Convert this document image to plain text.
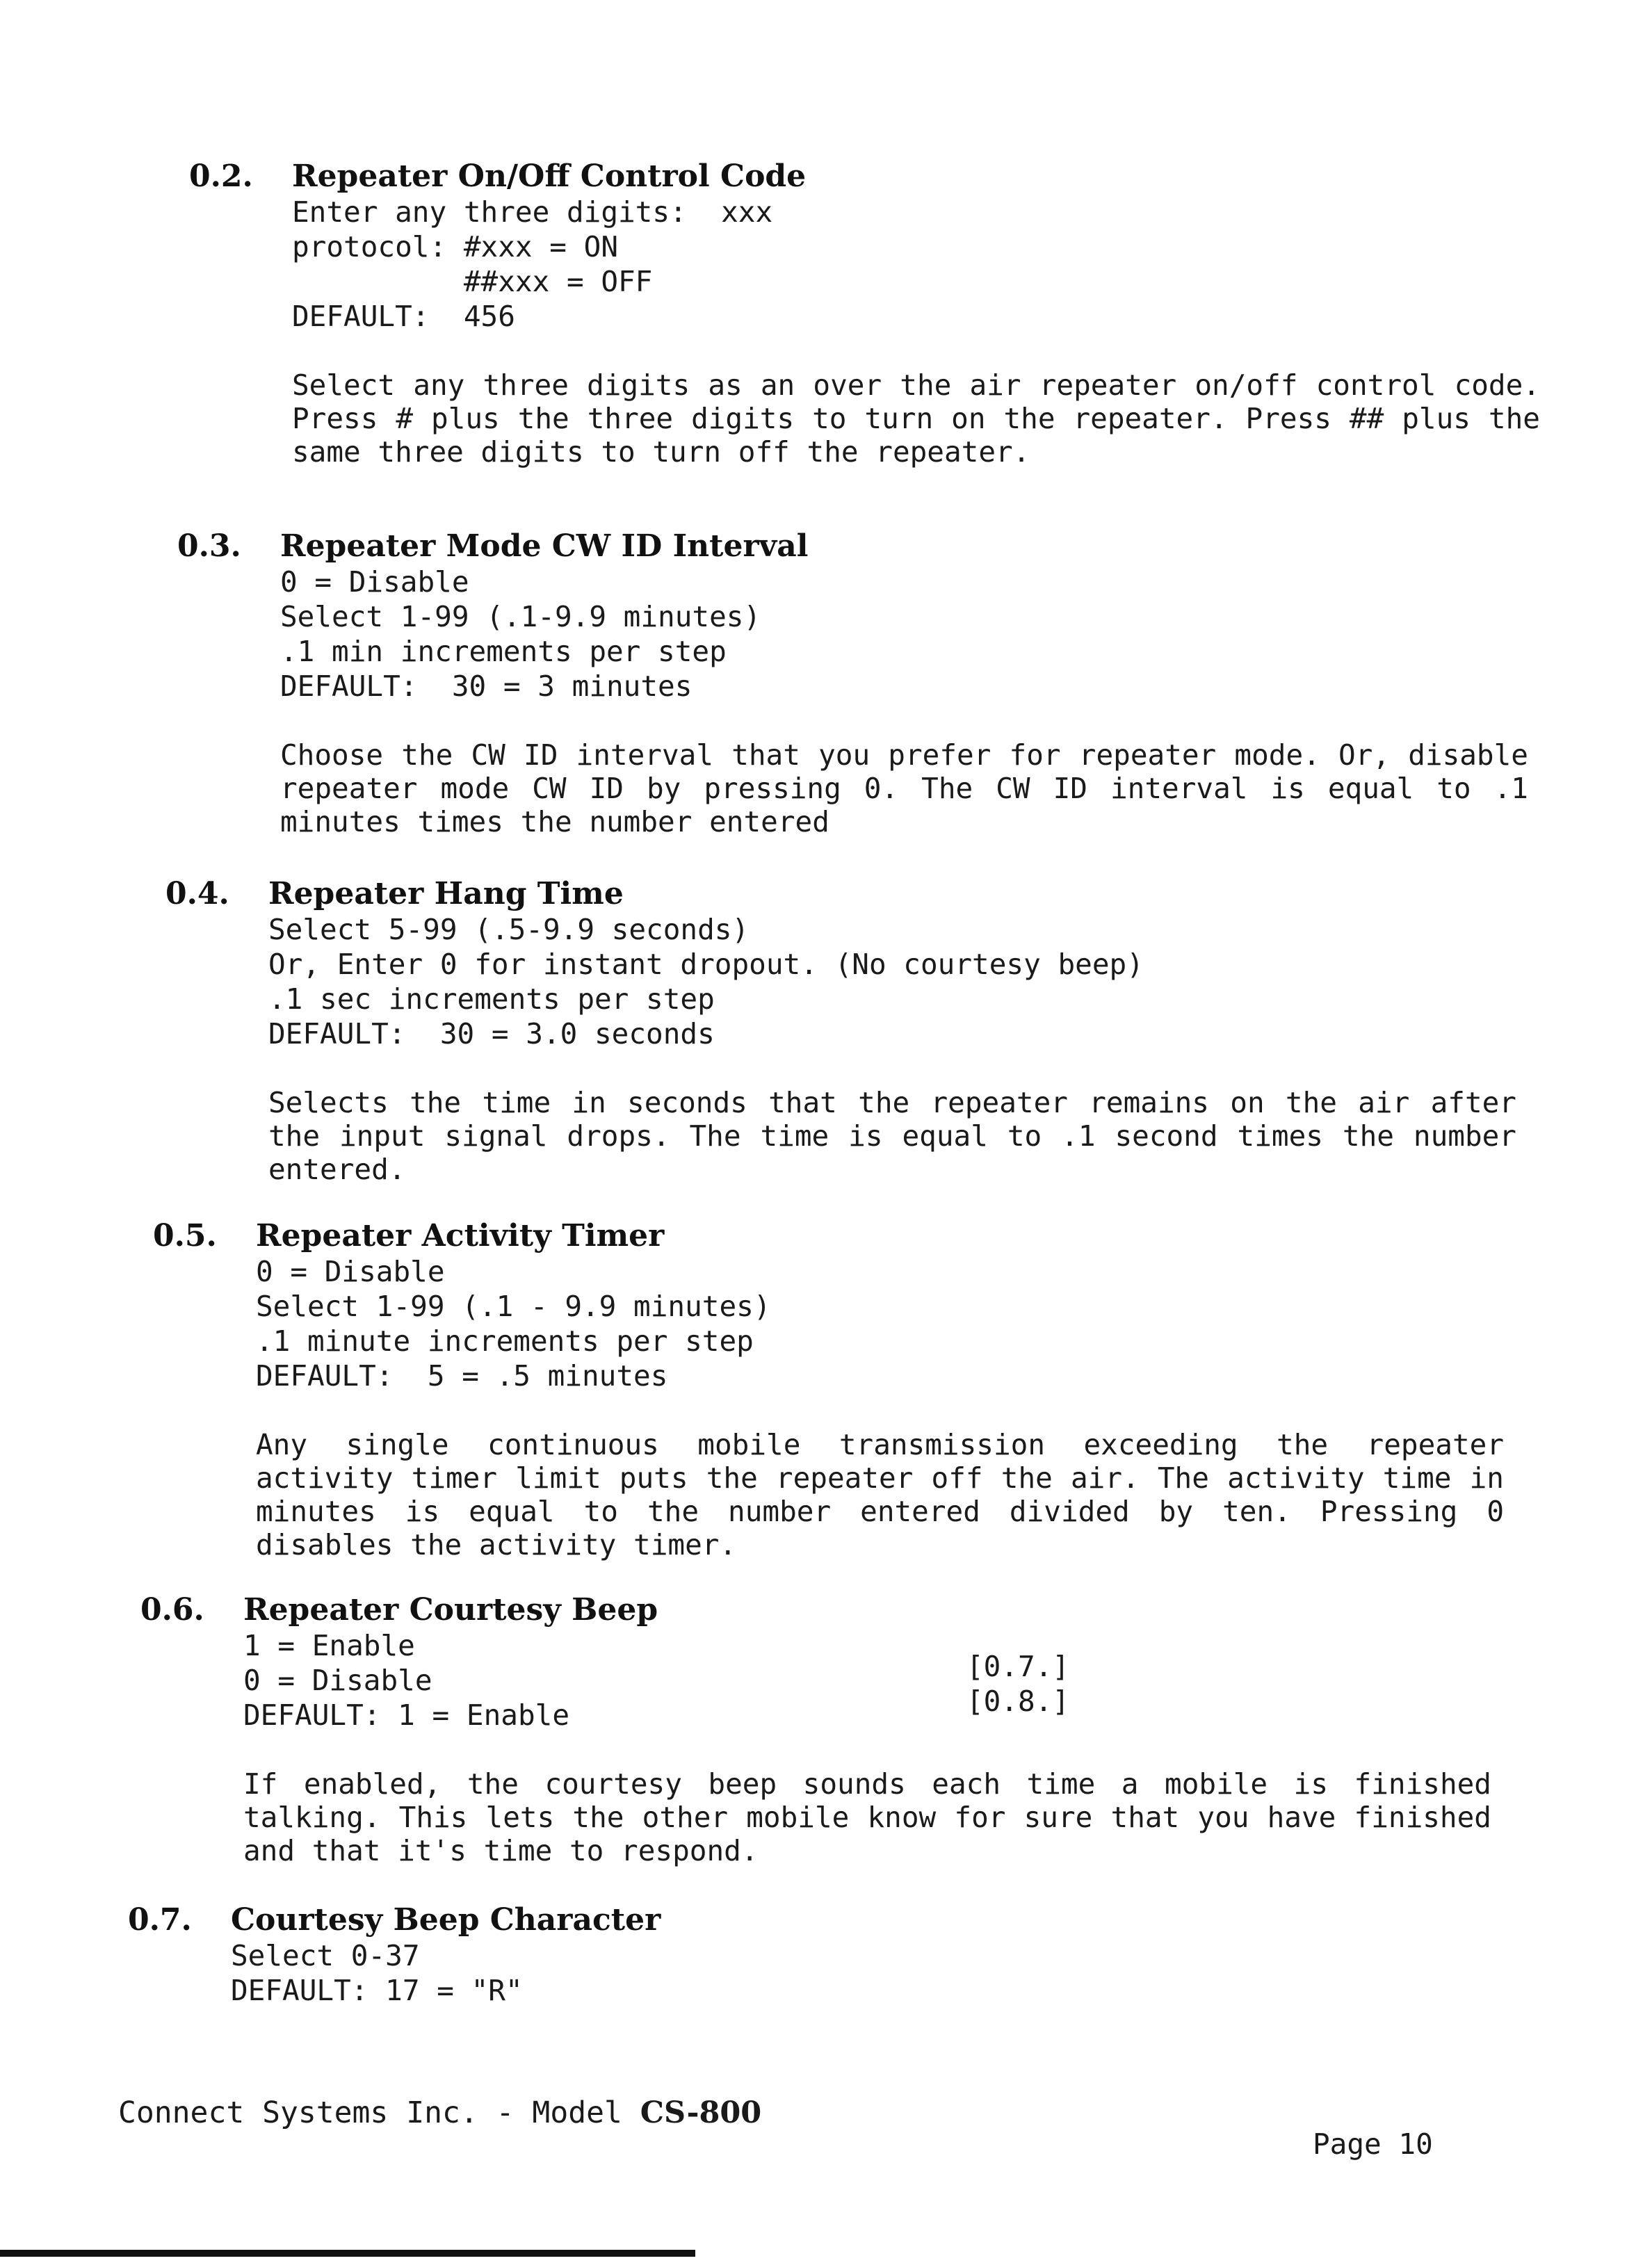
0.2. Repeater On/Off Control Code
Enter any three digits:  xxx
protocol: #xxx = ON
##xxx = OFF
DEFAULT:  456
Select any three digits as an over the air repeater on/off control code. Press # plus the three digits to turn on the repeater. Press ## plus the same three digits to turn off the repeater.
0.3. Repeater Mode CW ID Interval
0 = Disable
Select 1-99 (.1-9.9 minutes)
.1 min increments per step
DEFAULT:  30 = 3 minutes
Choose the CW ID interval that you prefer for repeater mode. Or, disable repeater mode CW ID by pressing 0. The CW ID interval is equal to .1 minutes times the number entered
0.4. Repeater Hang Time
Select 5-99 (.5-9.9 seconds)
Or, Enter 0 for instant dropout. (No courtesy beep)
.1 sec increments per step
DEFAULT:  30 = 3.0 seconds
Selects the time in seconds that the repeater remains on the air after the input signal drops. The time is equal to .1 second times the number entered.
0.5. Repeater Activity Timer
0 = Disable
Select 1-99 (.1 - 9.9 minutes)
.1 minute increments per step
DEFAULT:  5 = .5 minutes
Any single continuous mobile transmission exceeding the repeater activity timer limit puts the repeater off the air. The activity time in minutes is equal to the number entered divided by ten. Pressing 0 disables the activity timer.
0.6. Repeater Courtesy Beep
1 = Enable
0 = Disable
DEFAULT: 1 = Enable
[0.7.]
[0.8.]
If enabled, the courtesy beep sounds each time a mobile is finished talking. This lets the other mobile know for sure that you have finished and that it's time to respond.
0.7. Courtesy Beep Character
Select 0-37
DEFAULT: 17 = "R"
Connect Systems Inc. - Model CS-800
Page 10
